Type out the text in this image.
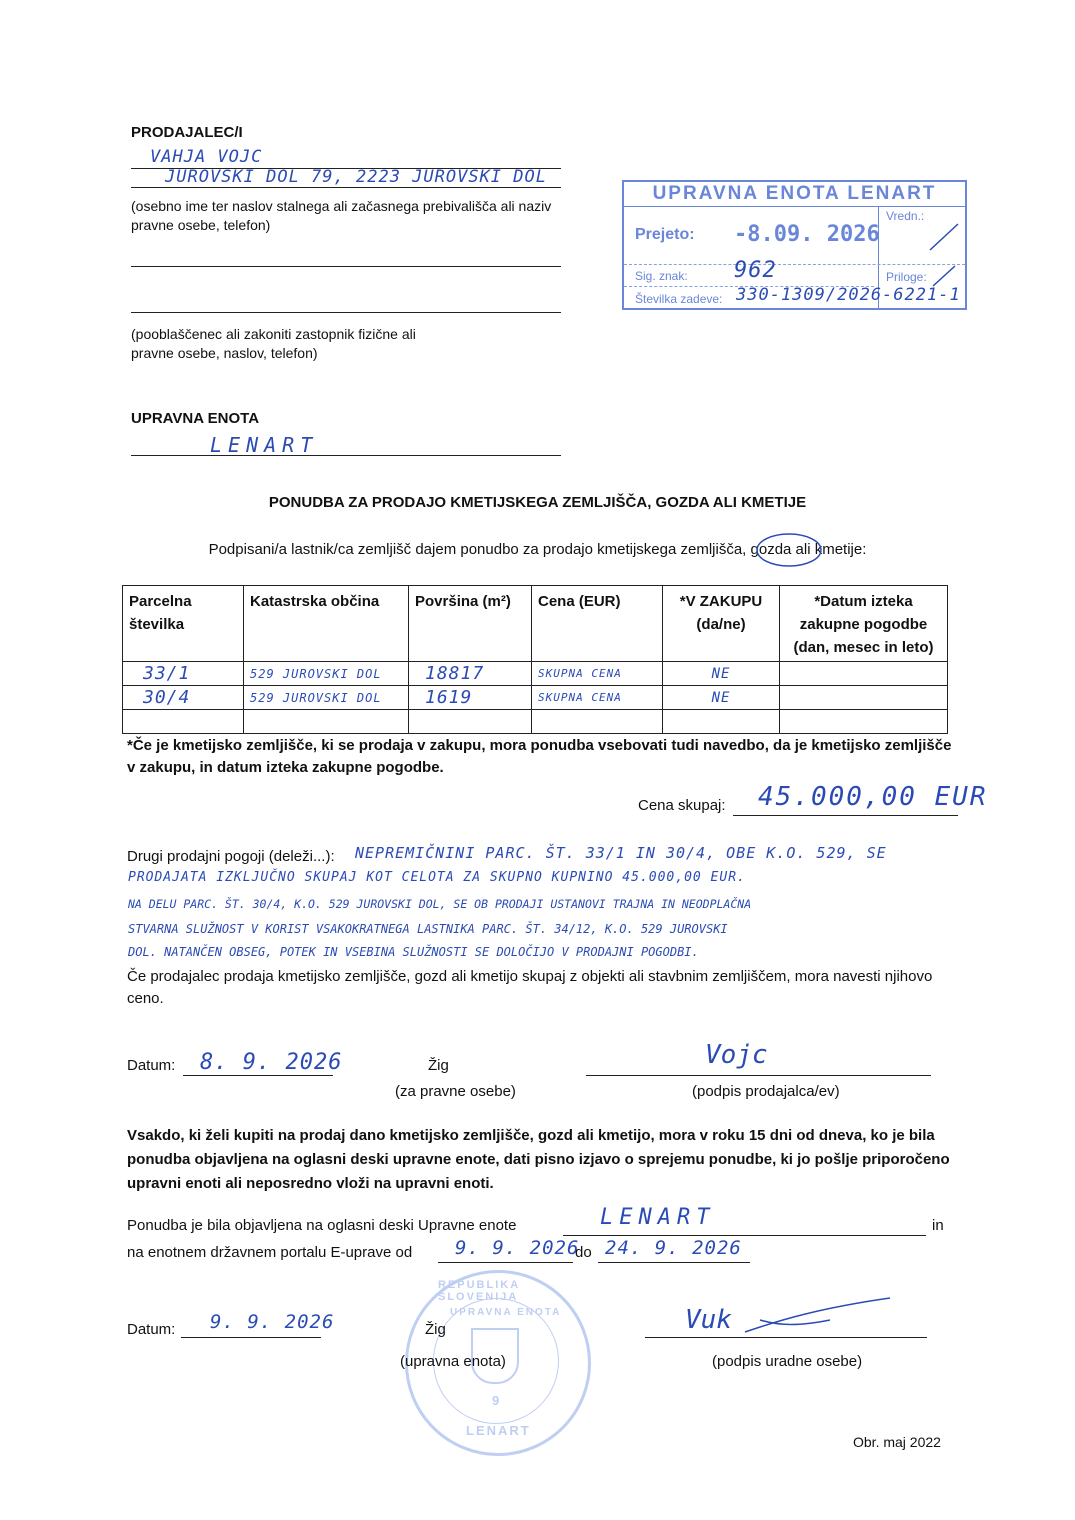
PRODAJALEC/I
VAHJA VOJC
JUROVSKI DOL 79, 2223 JUROVSKI DOL
(osebno ime ter naslov stalnega ali začasnega prebivališča ali naziv pravne osebe, telefon)
(pooblaščenec ali zakoniti zastopnik fizične ali pravne osebe, naslov, telefon)
UPRAVNA ENOTA LENART
Prejeto: -8.09. 2026
Vredn.:
Sig. znak: 962	Priloge:
Številka zadeve: 330-1309/2026-6221-1
UPRAVNA ENOTA
LENART
PONUDBA ZA PRODAJO KMETIJSKEGA ZEMLJIŠČA, GOZDA ALI KMETIJE
Podpisani/a lastnik/ca zemljišč dajem ponudbo za prodajo kmetijskega zemljišča, gozda ali kmetije:
Parcelna številka	Katastrska občina	Površina (m²)	Cena (EUR)	*V ZAKUPU (da/ne)	*Datum izteka zakupne pogodbe (dan, mesec in leto)
33/1	529 JUROVSKI DOL	18817	SKUPNA CENA	NE	
30/4	529 JUROVSKI DOL	1619	SKUPNA CENA	NE	

*Če je kmetijsko zemljišče, ki se prodaja v zakupu, mora ponudba vsebovati tudi navedbo, da je kmetijsko zemljišče v zakupu, in datum izteka zakupne pogodbe.
Cena skupaj: 45.000,00 EUR
Drugi prodajni pogoji (deleži...): NEPREMIČNINI PARC. ŠT. 33/1 IN 30/4, OBE K.O. 529, SE
PRODAJATA IZKLJUČNO SKUPAJ KOT CELOTA ZA SKUPNO KUPNINO 45.000,00 EUR.
NA DELU PARC. ŠT. 30/4, K.O. 529 JUROVSKI DOL, SE OB PRODAJI USTANOVI TRAJNA IN NEODPLAČNA
STVARNA SLUŽNOST V KORIST VSAKOKRATNEGA LASTNIKA PARC. ŠT. 34/12, K.O. 529 JUROVSKI
DOL. NATANČEN OBSEG, POTEK IN VSEBINA SLUŽNOSTI SE DOLOČIJO V PRODAJNI POGODBI.
Če prodajalec prodaja kmetijsko zemljišče, gozd ali kmetijo skupaj z objekti ali stavbnim zemljiščem, mora navesti njihovo ceno.
Datum: 8. 9. 2026	Žig
(za pravne osebe)
Vojc
(podpis prodajalca/ev)
Vsakdo, ki želi kupiti na prodaj dano kmetijsko zemljišče, gozd ali kmetijo, mora v roku 15 dni od dneva, ko je bila ponudba objavljena na oglasni deski upravne enote, dati pisno izjavo o sprejemu ponudbe, ki jo pošlje priporočeno upravni enoti ali neposredno vloži na upravni enoti.
Ponudba je bila objavljena na oglasni deski Upravne enote	LENART	in
na enotnem državnem portalu E-uprave od 9. 9. 2026
do 24. 9. 2026
REPUBLIKA SLOVENIJA
UPRAVNA ENOTA
9
LENART
Datum: 9. 9. 2026	Žig
(upravna enota)
Vuk
(podpis uradne osebe)
Obr. maj 2022
